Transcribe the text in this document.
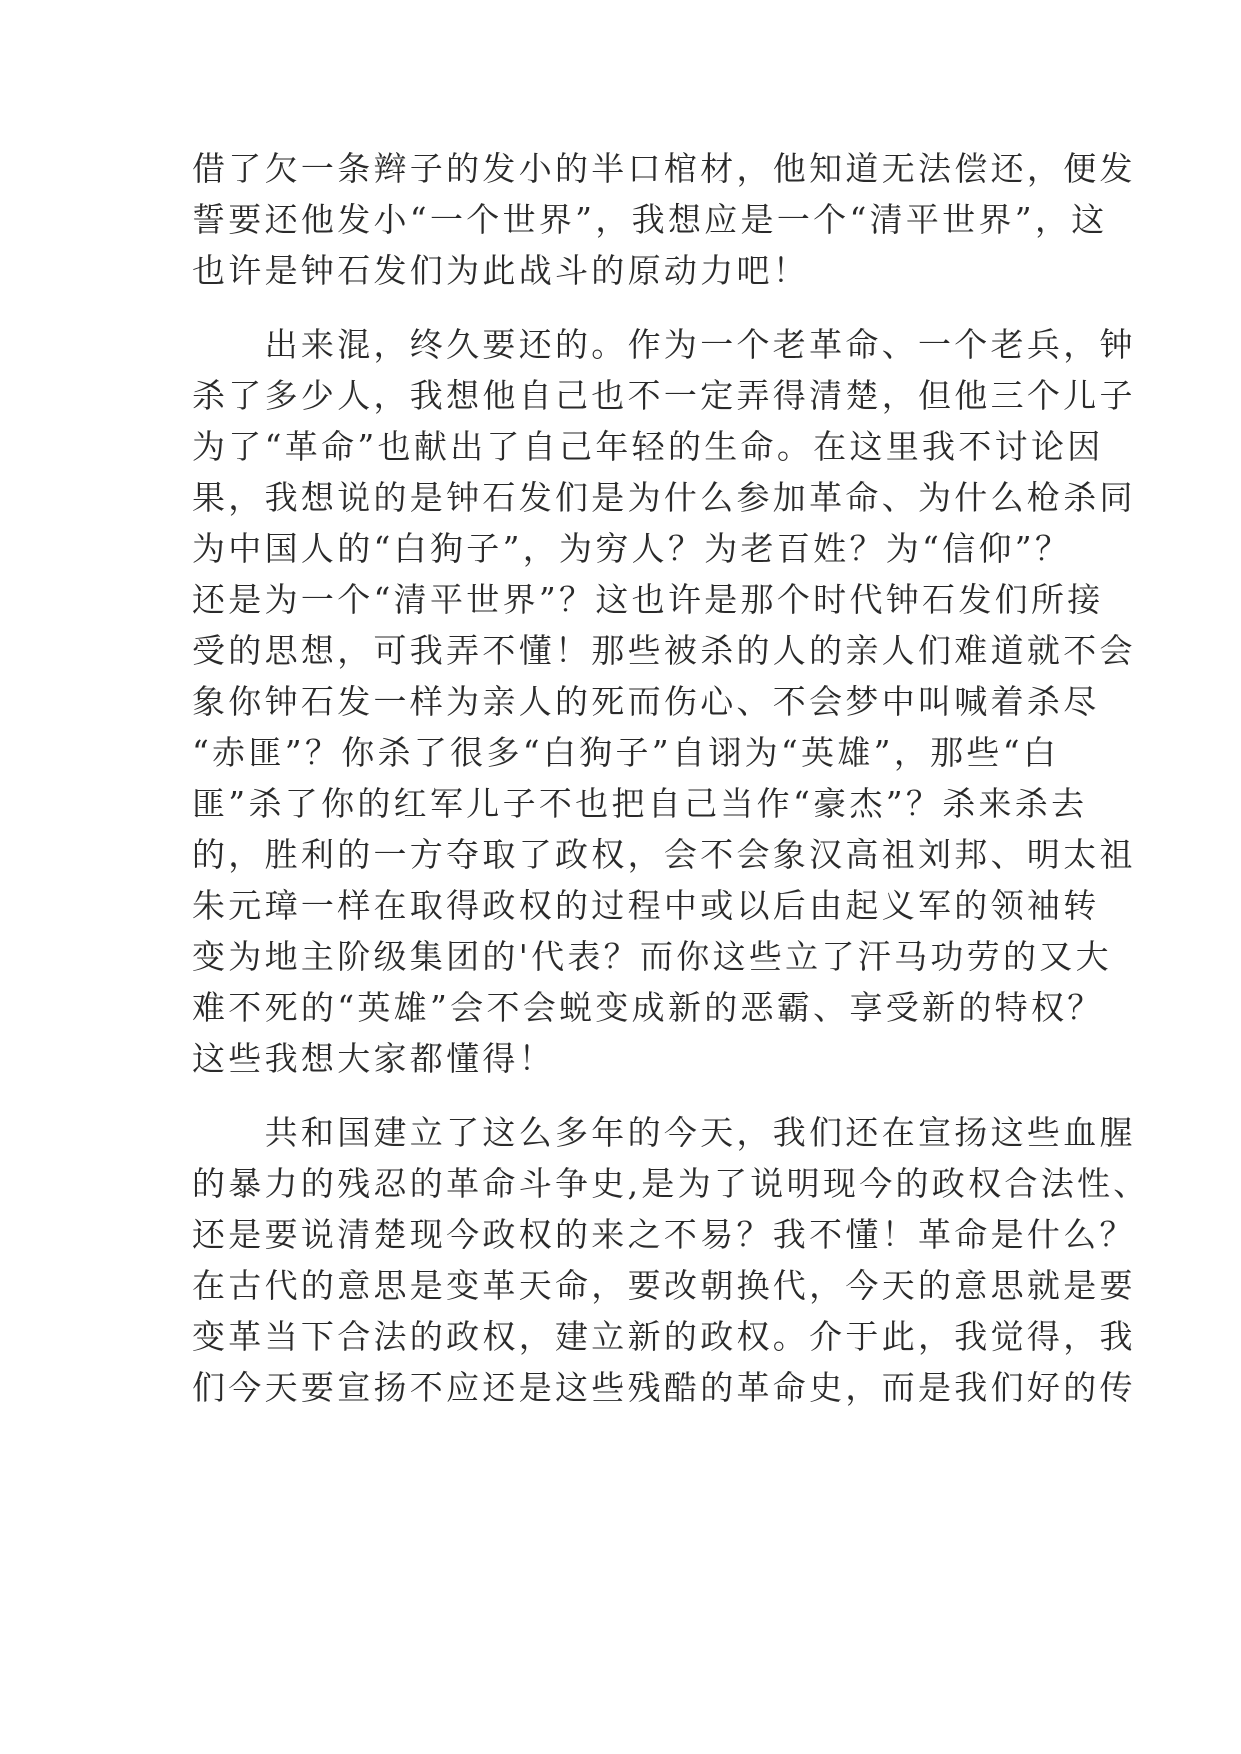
借了欠一条辫子的发小的半口棺材，他知道无法偿还，便发
誓要还他发小“一个世界”，我想应是一个“清平世界”，这
也许是钟石发们为此战斗的原动力吧！
　　出来混，终久要还的。作为一个老革命、一个老兵，钟
杀了多少人，我想他自己也不一定弄得清楚，但他三个儿子
为了“革命”也献出了自己年轻的生命。在这里我不讨论因
果，我想说的是钟石发们是为什么参加革命、为什么枪杀同
为中国人的“白狗子”，为穷人？为老百姓？为“信仰”？
还是为一个“清平世界”？这也许是那个时代钟石发们所接
受的思想，可我弄不懂！那些被杀的人的亲人们难道就不会
象你钟石发一样为亲人的死而伤心、不会梦中叫喊着杀尽
“赤匪”？你杀了很多“白狗子”自诩为“英雄”，那些“白
匪”杀了你的红军儿子不也把自己当作“豪杰”？杀来杀去
的，胜利的一方夺取了政权，会不会象汉高祖刘邦、明太祖
朱元璋一样在取得政权的过程中或以后由起义军的领袖转
变为地主阶级集团的'代表？而你这些立了汗马功劳的又大
难不死的“英雄”会不会蜕变成新的恶霸、享受新的特权？
这些我想大家都懂得！
　　共和国建立了这么多年的今天，我们还在宣扬这些血腥
的暴力的残忍的革命斗争史,是为了说明现今的政权合法性、
还是要说清楚现今政权的来之不易？我不懂！革命是什么？
在古代的意思是变革天命，要改朝换代，今天的意思就是要
变革当下合法的政权，建立新的政权。介于此，我觉得，我
们今天要宣扬不应还是这些残酷的革命史，而是我们好的传
